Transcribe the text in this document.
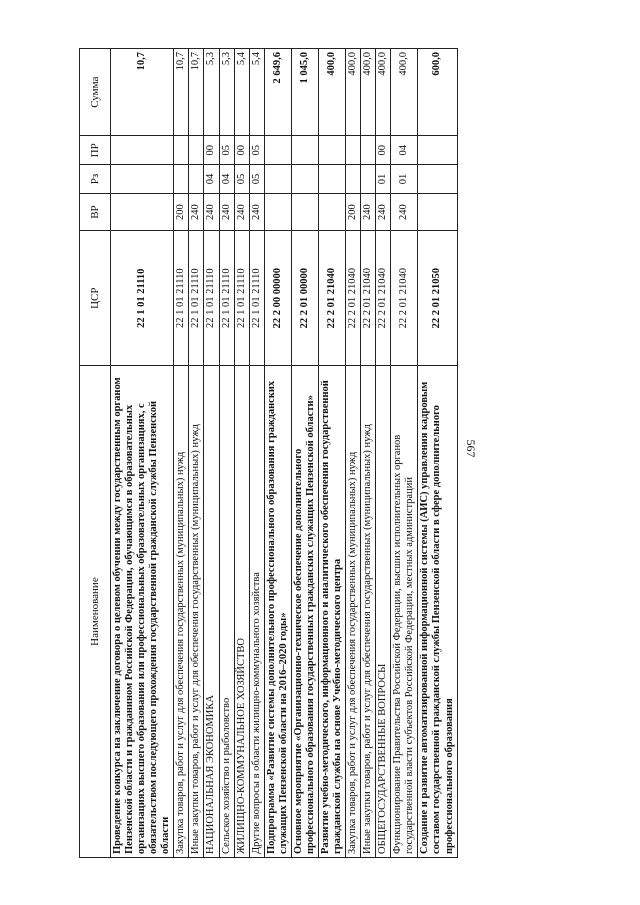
567
Наименование	ЦСР	ВР	Рз	ПР	Сумма
Проведение конкурса на заключение договора о целевом обучении между государственным органом Пензенской области и гражданином Российской Федерации, обучающимся в образовательных организациях высшего образования или профессиональных образовательных организациях, с обязательством последующего прохождения государственной гражданской службы Пензенской области	22 1 01 21110				10,7
Закупка товаров, работ и услуг для обеспечения государственных (муниципальных) нужд	22 1 01 21110	200			10,7
Иные закупки товаров, работ и услуг для обеспечения государственных (муниципальных) нужд	22 1 01 21110	240			10,7
НАЦИОНАЛЬНАЯ ЭКОНОМИКА	22 1 01 21110	240	04	00	5,3
Сельское хозяйство и рыболовство	22 1 01 21110	240	04	05	5,3
ЖИЛИЩНО-КОММУНАЛЬНОЕ ХОЗЯЙСТВО	22 1 01 21110	240	05	00	5,4
Другие вопросы в области жилищно-коммунального хозяйства	22 1 01 21110	240	05	05	5,4
Подпрограмма «Развитие системы дополнительного профессионального образования гражданских служащих Пензенской области на 2016–2020 годы»	22 2 00 00000				2 649,6
Основное мероприятие «Организационно-техническое обеспечение дополнительного профессионального образования государственных гражданских служащих Пензенской области»	22 2 01 00000				1 045,0
Развитие учебно-методического, информационного и аналитического обеспечения государственной гражданской службы на основе Учебно-методического центра	22 2 01 21040				400,0
Закупка товаров, работ и услуг для обеспечения государственных (муниципальных) нужд	22 2 01 21040	200			400,0
Иные закупки товаров, работ и услуг для обеспечения государственных (муниципальных) нужд	22 2 01 21040	240			400,0
ОБЩЕГОСУДАРСТВЕННЫЕ ВОПРОСЫ	22 2 01 21040	240	01	00	400,0
Функционирование Правительства Российской Федерации, высших исполнительных органов государственной власти субъектов Российской Федерации, местных администраций	22 2 01 21040	240	01	04	400,0
Создание и развитие автоматизированной информационной системы (АИС) управления кадровым составом государственной гражданской службы Пензенской области в сфере дополнительного профессионального образования	22 2 01 21050				600,0
